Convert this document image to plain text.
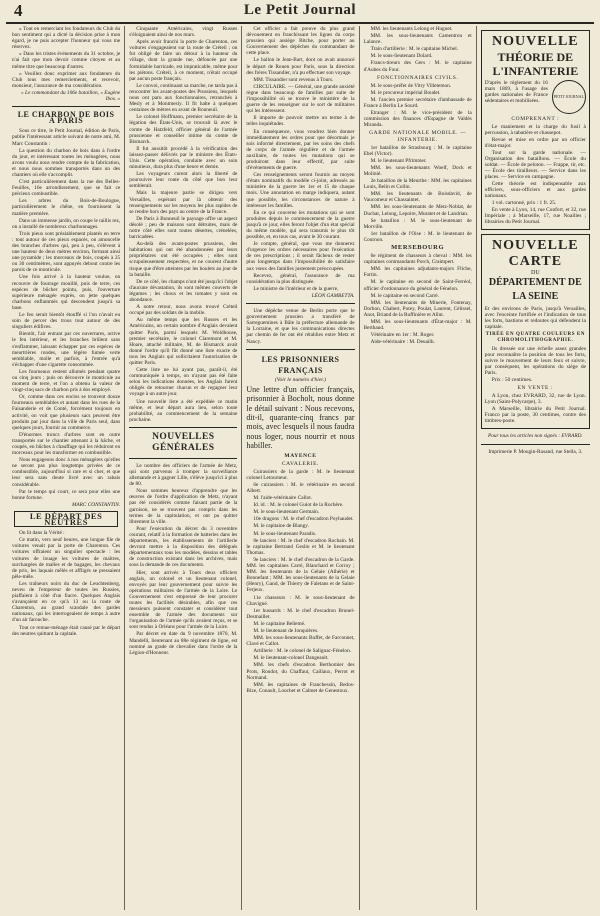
4	Le Petit Journal

« Tout en remerciant les fondateurs du Club du bon sentiment qui a dicté la décision prise à mon égard, je ne puis accepter l'honneur qui vous me réservez.

« Dans les tristes événements du 31 octobre, je n'ai fait que mon devoir comme citoyen et au même titre que beaucoup d'autres.

« Veuillez donc exprimer aux fondateurs du Club tous mes remerciements, et recevoir, monsieur, l'assurance de ma considération.

« Le commandant du 106e bataillon, « Eugène Ibos. »
LE CHARBON DE BOIS A PARIS

Sous ce titre, le Petit Journal, édition de Paris, publie l'intéressant article suivant de notre ami, M. Marc Constantin :

La question du charbon de bois dans à l'ordre du jour, et intéressant toutes les ménagères, nous avons voulu nous rendre compte de la fabrication, et nous nous sommes transportés dans un des chantiers où elle s'accomplit.

C'est particulièrement dans la rue des Belles-Feuilles, 16e arrondissement, que se fait ce précieux combustible.

Les arbres du Bois-de-Boulogne, particulièrement le chêne, en fournissent la matière première.

Dans un immense jardin, on coupe le taillis rez, on a installé de nombreux charbonnages.

Trois pieux sont préalablement plantés en terre : tout autour de ces pieux espacés, on amoncelle des branches d'arbres qui, peu à peu, s'élèvent à une hauteur de deux mètres environ, formant ainsi une pyramide ; les morceaux de bois, coupés à 25 ou 30 centimètres, sont appuyés debout contre les parois de ce monticule.

Une fois arrivé à la hauteur voulue, on recouvre de fourrage mouillé, puis de terre, ces espèces de bûcher pointu, puis, l'ouverture supérieure ménagée exprès, on jette quelques charbons enflammés qui descendent jusqu'à sa base.

Le feu serait bientôt étouffé si l'on n'avait eu soin de percer des trous tout autour de des singuliers édifices.

Bientôt, l'air entrant par ces ouvertures, active le feu intérieur, et les branches brûlent sans s'enflammer, laissant échapper par ces espèces de meurtrières rondes, une légère fumée verte semblable, molle et parfois, à l'entrée qu'à s'échapper d'une cigarette consommée.

Les fourneaux restent allumés pendant quatre ou cinq jours ; puis on découvre le monticule au moment de terre, et l'on a obtenu la valeur de vingt-cinq sacs de charbon pris à dos employé.

Or, comme dans ces enclos se trouvent douze fourneaux semblables et autant dans les rues de la Faisanderie et de Conté, forcément toujours en activité, on voit que plusieurs sacs peuvent être produits par jour dans la ville de Paris seul, dans quelques jours, fournir au commerce.

D'énormes troncs d'arbres sont en outre transportés sur le chantier attenant à la hâche, et coupés, en bûches à chauffage qui les réduiront en morceaux pour les transformer en combustible.

Nous engageons donc à nos ménagères qu'elles ne seront pas plus longtemps privées de ce combustible, aujourd'hui si rare et si cher, et que leur sera sans doute livré avec un rabais considérable.

Par le temps qui court, ce sera pour elles une bonne fortune.

MARC CONSTANTIN.
LE DÉPART DES NEUTRES

On lit dans la Vérité :

Ce matin, vers neuf heures, une longue file de voitures venait par la porte de Charenton. Ces voitures offraient un singulier spectacle : les voitures de louage les voitures de maîtres, surchargées de malles et de bagages, les chevaux de prix, les laquais mêlés et affligés se pressaient pêle-mêle.

Les traîneurs noirs du duc de Leuchtenberg, neveu de l'empereur de toutes les Russies, piaffaient à côté d'un fiacre. Quelques Anglais s'avançaient en ce qu'à 13 ou la route de Charenton, au grand scandale des gardes nationaux, qui les interrogeaient de temps à autre d'un air farouche.

Tout ce remue-ménage était causé par le départ des neutres quittant la capitale.

Cinquante Américains, vingt Russes s'éloignaient ainsi de nos murs.

Après avoir franchi la porte de Charenton, ces voitures s'engageaient sur la route de Créteil ; on fut obligé de faire un détour à la hauteur du village, dont la grande rue, défoncée par une formidable barricade, est impraticable, même pour les piétons. Créteil, à ce moment, n'était occupé par aucun poste français.

Le convoi, continuant sa marche, ne tarda pas à rencontrer les avant-postes des Prussiens, lesquels nous ont paru aux fonctionnaires, retranchés à Mesly et à Montmesly. Il fit halte à quelques centaines de mètres en avant de Bonneuil.

Le colonel Hoffmann, premier secrétaire de la légation des États-Unis, se trouvait là avec le comte de Hatzfeld, officier général de l'armée prussienne et conseiller intime du comte de Bismarck.

Il fut aussitôt procédé à la vérification des laissez-passer délivrés par le ministre des États-Unis. Cette opération, conduite avec un soin minutieux, dura plus d'une heure et demie.

Les voyageurs curent alors la liberté de poursuivre leur route du côté que bon leur semblerait.

Mais la majeure partie se dirigea vers Versailles, espérant par là obtenir des renseignements sur les moyens les plus rapides de se rendre hors des pays au centre de la France.

De Paris à Bonneuil le paysage offre un aspect désolé ; peu de maisons sont détruites, mais de notre côté elles sont toutes désertes, crénelées, barricadées.

Au-delà des avant-postes prussiens, des habitations qui ont été abandonnées par leurs propriétaires ont été occupées ; elles sont scrupuleusement respectées, et ne courent d'autre risque que d'être atteintes par les boulets au jour de la bataille.

De ce côté, les champs n'ont été jusqu'ici l'objet d'aucune dévastation, ils sont mêmes couverts de légumes ; les choux et les tomates y sont en abondance.

A notre retour, nous avons trouvé Créteil occupé par des soldats de la mobile.

Au même temps que les Russes et les Américains, un certain nombre d'Anglais devaient quitter Paris, parmi lesquels M. Woldhouse, premier secrétaire, le colonel Claremont et M. Hoare, attaché militaire, M. de Bismarck avait donné l'ordre qu'il fût donné une liste exacte de tous les Anglais qui sollicitaient l'autorisation de quitter Paris.

Cette liste ne lui ayant pas, paraît-il, été communiquée à temps, on n'ayant pas été faite selon les indications données, les Anglais furent obligés de retourner chacun et de regagner leur voyage à un autre jour.

Une nouvelle liste a été expédiée ce matin même, et leur départ aura lieu, selon toute probabilité, au commencement de la semaine prochaine.

NOUVELLES GÉNÉRALES

Le nombre des officiers de l'armée de Metz, qui sont parvenus à tromper la surveillance allemande et à gagner Lille, s'élève jusqu'ici à plus de 80.

Nous sommes heureux d'apprendre que les œuvres de l'ordre d'application de Metz, n'ayant pas été considérés comme faisant partie de la garnison, ne se trouvent pas compris dans les termes de la capitulation, et ont pu quitter librement la ville.

Pour l'exécution du décret du 3 novembre courant, relatif à la formation de batteries dans les départements, les établissements de l'artillerie devront mettre à la disposition des délégués départementaux tous les modèles, dessins et tables de construction existant dans les archives, mais sous la demande de ces documents.

Hier, sont arrivés à Tours deux officiers anglais, un colonel et un lieutenant colonel, envoyés par leur gouvernement pour suivre les opérations militaires de l'armée de la Loire. Le Gouvernement s'est empressé de leur procurer toutes les facilités désirables, afin que ces messieurs puissent constater et considérer tout ensemble de l'armée des documents sur l'organisation de l'armée qu'ils avaient reçus, et se sont rendus à Orléans pour l'armée de la Loire.

Par décret en date du 9 novembre 1870, M. Mandelli, lieutenant au 88e régiment de ligne, est nommé au grade de chevalier dans l'ordre de la Légion-d'Honneur.

Cet officier a fait preuve du plus grand dévouement en franchissant les lignes du corps prussien qui assiège Bitche, pour porter au Gouvernement des dépêches du commandant de cette place.

Le ballon le Jean-Bart, dont on avait annoncé le départ de Rouen pour Paris, sous la direction des frères Tissandier, n'a pu effectuer son voyage.

MM. Tissandier sont revenus à Tours.

CIRCULAIRE. — Général, une grande anxiété règne dans beaucoup de familles par suite de l'impossibilité où se trouve le ministère de la guerre de les renseigner sur le sort de militaires qui les intéressent.

Il importe de pouvoir mettre un terme à de telles inquiétudes.

En conséquence, vous voudrez bien donner immédiatement les ordres pour que désormais je sois informé directement, par les soins des chefs de corps de l'armée régulière et de l'armée auxiliaire, de toutes les mutations qui se produiront dans leur effectif, par suite d'événements de guerre.

Ces renseignements seront fournis au moyen d'états nominatifs du modèle ci-joint, adressés au ministère de la guerre les 1er et 15 de chaque mois. Une annotation en marge indiquera, autant que possible, les circonstances de nature à intéresser les familles.

En ce qui concerne les mutations qui se sont produites depuis le commencement de la guerre jusqu'à ce jour, elles feront l'objet d'un état spécial du même modèle, qui sera transmis le plus tôt possible, et, en tous cas, avant le 30 courant.

Je compte, général, que vous me donnerez d'urgence les ordres nécessaires pour l'exécution de ces prescriptions ; il serait fâcheux de rester plus longtemps dans l'impossibilité de satisfaire aux vœux des familles justement préoccupées.

Recevez, général, l'assurance de ma considération la plus distinguée.

Le ministre de l'intérieur et de la guerre,

LÉON GAMBETTA.

Une dépêche venue de Berlin porte que le gouvernement prussien a transféré de Sarreguemines à Bâle la préfecture allemande de la Lorraine, et que les communications directes par chemin de fer ont été rétablies entre Metz et Nancy.

LES PRISONNIERS FRANÇAIS
(Voir le numéro d'hier.)

Une lettre d'un officier français, prisonnier à Bocholt, nous donne le détail suivant : Nous recevons, dit-il, quarante-cinq francs par mois, avec lesquels il nous faudra nous loger, nous nourrir et nous habiller.

MAYENCE
CAVALERIE.

Cuirassiers de la garde : M. le lieutenant colonel Letourneur.

6e cuirassiers : M. le vétérinaire en second Albert.

M. l'aide-vétérinaire Callot.

Id. id. : M. le colonel Guiot de la Rochère.

M. le sous-lieutenant Germain.

10e dragons : M. le chef d'escadron Poyhaudet.

M. le capitaine de Blangy.

M. le sous-lieutenant Paradis.

8e lanciers : M. le chef d'escadron Rochain. M. le capitaine Bertrand Geslin et M. le lieutenant Thomas.

9e lanciers : M. le chef d'escadron de la Garde. MM. les capitaines Carré, Blanchard et Corroy ; MM. les lieutenants de la Gelaie (Alhérie) et Bonnefant ; MM. les sous-lieutenants de la Gelaie (Henry), Gand, de Thierry de Faletans et de Saint-Ferjeux.

11e chasseurs : M. le sous-lieutenant de Chavigné.

1er hussards : M. le chef d'escadron Brunel-Desmaillet.

M. le capitaine Bellemé.

M. le lieutenant de Jonquières.

MM. les sous-lieutenants Buffet, de Farconnet, Clavé et Callot.

Artillerie : M. le colonel de Salignac-Fénelon.

M. le lieutenant-colonel Dangeault.

MM. les chefs d'escadron Berthomier des Prots, Roudot, du Chaffaut, Caillaux, Perrot et Normand.

MM. les capitaines de Franchessin, Bedos-Bize, Conault, Louchet et Calmet de Genestoux.

MM. les lieutenants Lelong et Huguet.

MM. les sous-lieutenants Camentrou et Lalance.

Train d'artillerie : M. le capitaine Michel.

M. le sous-lieutenant Dolard.

Francs-tireurs des Gers : M. le capitaine d'Aubes du Four.

FONCTIONNAIRES CIVILS.

M. le sous-préfet de Vitry Villetemon.

M. le procureur impérial Boudet.

M. l'ancien premier secrétaire d'ambassade de France à Berlin Le Sourd.

Etranger : M. le vice-président de la commission des finances d'Espagne de Valdès Miranda.

GARDE NATIONALE MOBILE. — INFANTERIE.

1er bataillon de Strasbourg : M. le capitaine Ebel (Victor).

M. le lieutenant Pfrimmer.

MM. les sous-lieutenants Woelf, Dock et Molinié.

2e bataillon de la Meurthe : MM. les capitaines Louis, Belin et Collin.

MM. les lieutenants de Boisdavid, de Vaucomeur et Chassaintet.

MM. les sous-lieutenants de Metz-Noblat, de Duchat, Lelong, Lepoire, Muratet et de Landrian.

Se bataillon : M. le sous-lieutenant de Morville.

1er bataillon de l'Oise : M. le lieutenant de Cournon.

MERSEBOURG

6e régiment de chasseurs à cheval : MM. les capitaines commandants Porch, Craimpert.

MM. les capitaines adjudants-majors Fliche, Fortin.

M. le capitaine en second de Saint-Ferréol, officier d'ordonnance du général de Fénelon.

M. le capitaine en second Carré.

MM. les lieutenants de Minerie, Fontenay, Dorbon, Chabert, Potey, Poulat, Laurent, Célissel, Anot, Briand de la Ruffinière et Allut.

MM. les sous-lieutenants d'État-major : M. Berthaud.

Vétérinaire en 1er : M. Roger.

Aide-vétérinaire : M. Deuailh.

NOUVELLE
THÉORIE DE L'INFANTERIE
PETIT JOURNAL
D'après le règlement du 16 mars 1869, à l'usage des gardes nationales de France sédentaires et mobilisées.
COMPRENANT :

Le maniement et la charge du fusil à percussion, à tabatière et chassepot.

Revue et mise en ordre par un officier d'état-major.

Tout sur la garde nationale. — Organisation des bataillons. — École du soldat. — École de peloton. — Frappe, tir, etc. — École des tirailleurs. — Service dans les places. — Service en campagne.

Cette théorie est indispensable aux officiers, sous-officiers et aux gardes nationaux.

1 vol. cartonné, prix : 1 fr. 25.

En vente à Lyon, 14, rue Confort, et 32, rue Impériale ; à Marseille, 17, rue Noailles ; librairies du Petit Journal.

NOUVELLE CARTE
DU
DÉPARTEMENT DE LA SEINE
Et des environs de Paris, jusqu'à Versailles, avec l'enceinte fortifiée et l'indication de tous les forts, bastions et redoutes qui défendent la capitale.
TIRÉE EN QUATRE COULEURS EN CHROMOLITHOGRAPHIE.

Ils dressée sur une échelle assez grandes pour reconnaître la position de tous les forts, suivre le mouvement de leurs feux et suivre, par conséquent, les opérations du siège de Paris.

Prix : 50 centimes.

EN VENTE :

A Lyon, chez EVRARD, 32, rue de Lyon. Lyon (Saint-Polycarpe), 3.

A Marseille, librairie du Petit Journal. Franco par la poste, 30 centimes, contre des timbres-poste.

Pour tous les articles non signés : EVRARD.
Imprimerie P. Mougin-Rusand, rue Stella, 3.
